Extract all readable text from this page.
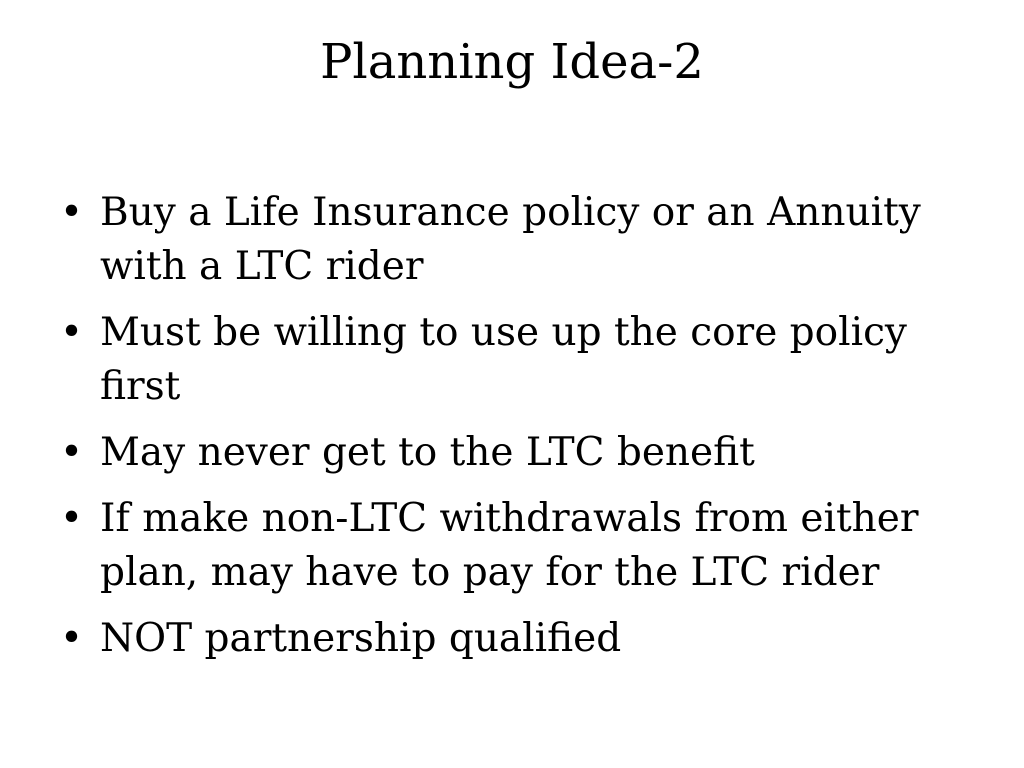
Planning Idea-2
• Buy a Life Insurance policy or an Annuity with a LTC rider
• Must be willing to use up the core policy first
• May never get to the LTC benefit
• If make non-LTC withdrawals from either plan, may have to pay for the LTC rider
• NOT partnership qualified
